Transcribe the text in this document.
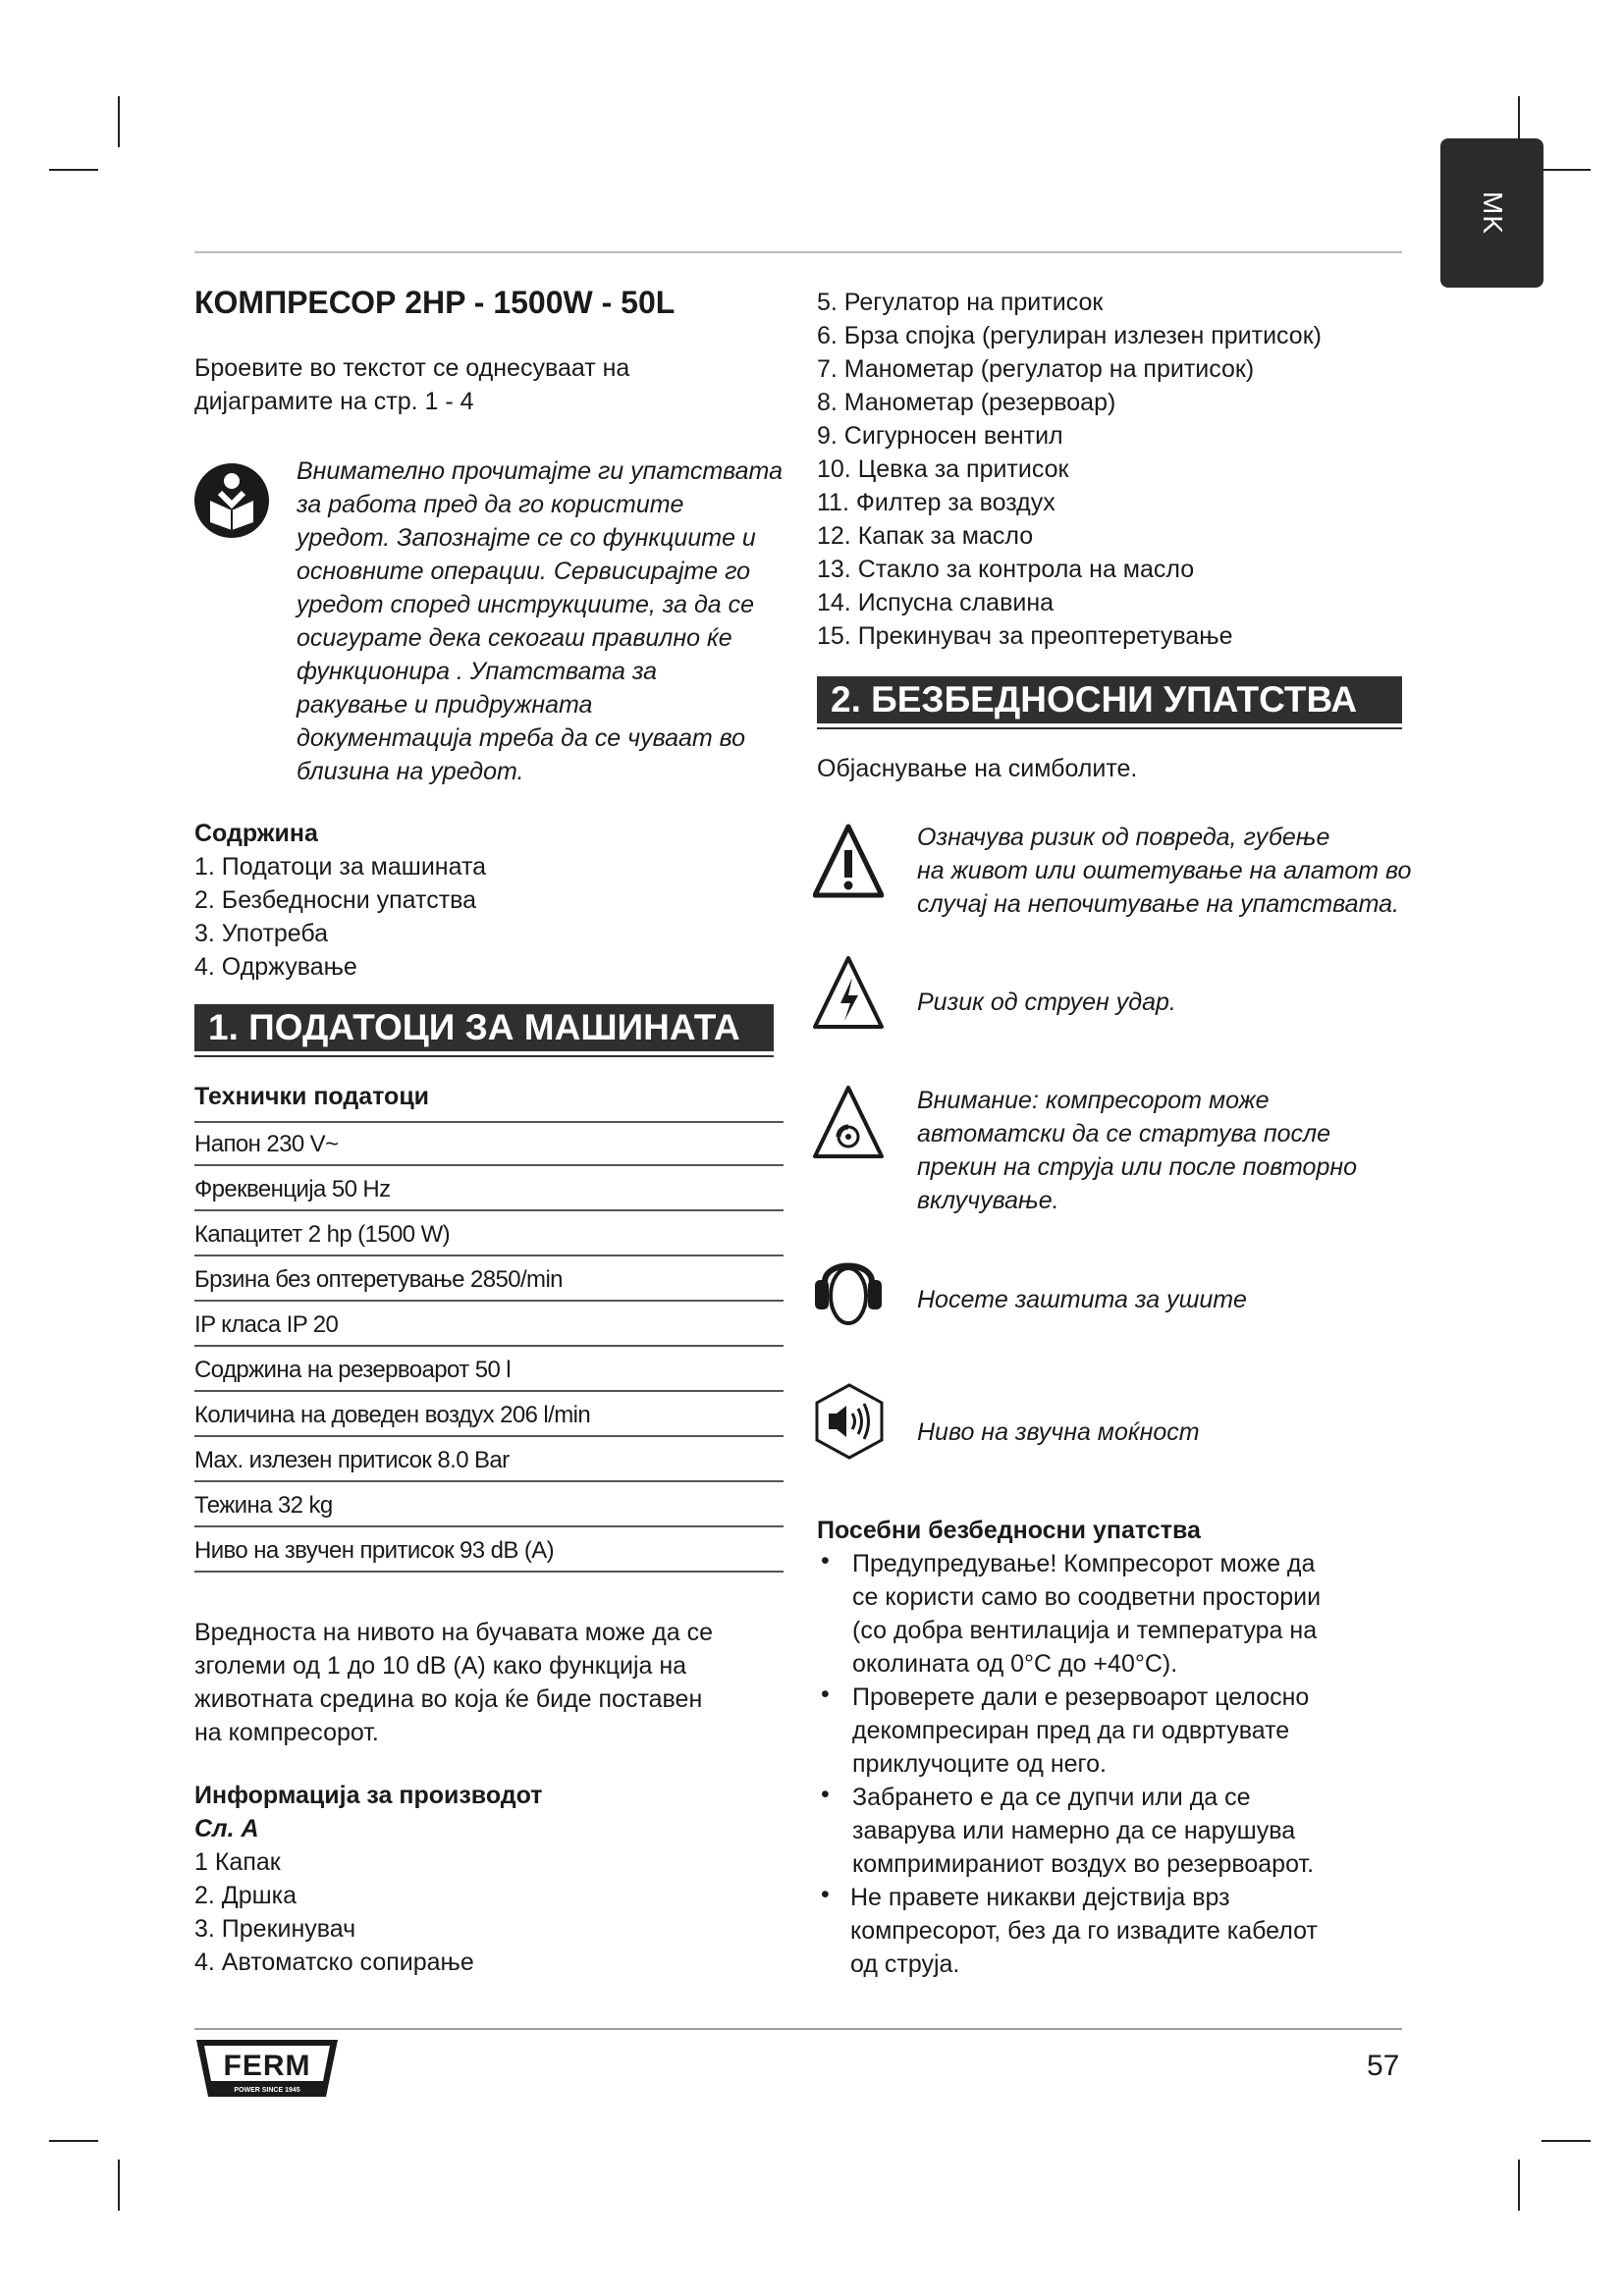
MK
КОМПРЕСОР 2HP - 1500W - 50L
Броевите во текстот се однесуваат на
дијаграмите на стр. 1 - 4
Внимателно прочитајте ги упатствата
за работа пред да го користите
уредот. Запознајте се со функциите и
основните операции. Сервисирајте го
уредот според инструкциите, за да се
осигурате дека секогаш правилно ќе
функционира . Упатствата за
ракување и придружната
документација треба да се чуваат во
близина на уредот.
Содржина
1. Податоци за машината
2. Безбедносни упатства
3. Употреба
4. Одржување
1. ПОДАТОЦИ ЗА МАШИНАТА
Технички податоци
Напон 230 V~
Фреквенција 50 Hz
Капацитет 2 hp (1500 W)
Брзина без оптеретување 2850/min
IP класа IP 20
Содржина на резервоарот 50 l
Количина на доведен воздух 206 l/min
Max. излезен притисок 8.0 Bar
Тежина 32 kg
Ниво на звучен притисок 93 dB (A)
Вредноста на нивото на бучавата може да се
зголеми од 1 до 10 dB (A) како функција на
животната средина во која ќе биде поставен
на компресорот.
Информација за производот
Сл. A
1 Капак
2. Дршка
3. Прекинувач
4. Автоматско сопирање
5. Регулатор на притисок
6. Брза спојка (регулиран излезен притисок)
7. Манометар (регулатор на притисок)
8. Манометар (резервоар)
9. Сигурносен вентил
10. Цевка за притисок
11. Филтер за воздух
12. Капак за масло
13. Стакло за контрола на масло
14. Испусна славина
15. Прекинувач за преоптеретување
2. БЕЗБЕДНОСНИ УПАТСТВА
Објаснување на симболите.
Означува ризик од повреда, губење
на живот или оштетување на алатот во
случај на непочитување на упатствата.
Ризик од струен удар.
Внимание: компресорот може
автоматски да се стартува после
прекин на струја или после повторно
вклучување.
Носете заштита за ушите
Ниво на звучна моќност
Посебни безбедносни упатства
• Предупредување! Компресорот може да
се користи само во соодветни простории
(со добра вентилација и температура на
околината од 0°C до +40°C).
• Проверете дали е резервоарот целосно
декомпресиран пред да ги одвртувате
приклучоците од него.
• Забрането е да се дупчи или да се
заварува или намерно да се нарушува
компримираниот воздух во резервоарот.
• Не правете никакви дејствија врз
компресорот, без да го извадите кабелот
од струја.
FERM
POWER SINCE 1945
57
